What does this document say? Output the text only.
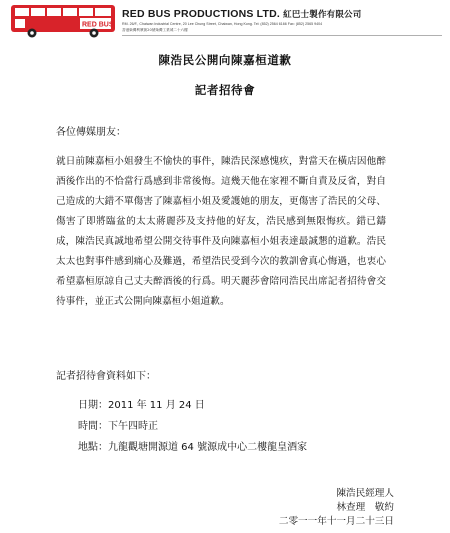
RED BUS
RED BUS PRODUCTIONS LTD. 紅巴士製作有限公司
RM. 26/F., Chaiwan Industrial Centre, 20 Lee Chung Street, Chaiwan, Hong Kong. Tel: (852) 2564 6166 Fax: (852) 2565 9404
香港柴灣利眾街20號柴灣工業城二十六樓
陳浩民公開向陳嘉桓道歉
記者招待會
各位傳媒朋友：
就日前陳嘉桓小姐發生不愉快的事件，陳浩民深感愧疚，對當天在橫店因他醉酒後作出的不恰當行爲感到非常後悔。這幾天他在家裡不斷自責及反省，對自己造成的大錯不單傷害了陳嘉桓小姐及愛護她的朋友，更傷害了浩民的父母、傷害了即將臨盆的太太蔣麗莎及支持他的好友，浩民感到無限悔疚。錯已鑄成，陳浩民真誠地希望公開交待事件及向陳嘉桓小姐表達最誠懇的道歉。浩民太太也對事件感到痛心及難過，希望浩民受到今次的教訓會真心悔過，也衷心希望嘉桓原諒自己丈夫醉酒後的行爲。明天麗莎會陪同浩民出席記者招待會交待事件，並正式公開向陳嘉桓小姐道歉。
記者招待會資料如下：
日期：2011 年 11 月 24 日
時間：下午四時正
地點：九龍觀塘開源道 64 號源成中心二樓龍皇酒家
陳浩民經理人
林查理　敬約
二零一一年十一月二十三日
